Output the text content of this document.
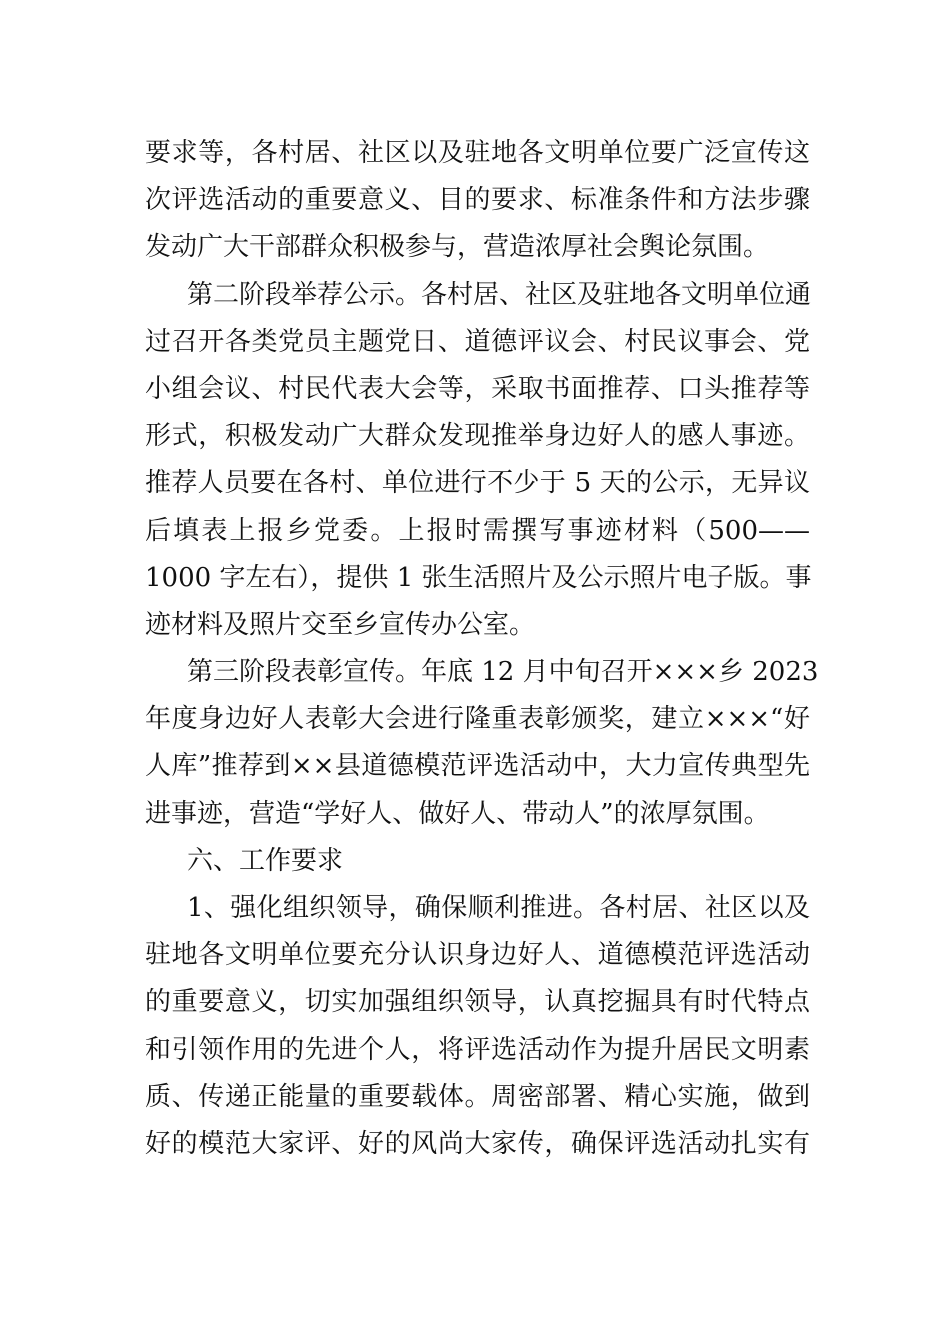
要求等，各村居、社区以及驻地各文明单位要广泛宣传这
次评选活动的重要意义、目的要求、标准条件和方法步骤
发动广大干部群众积极参与，营造浓厚社会舆论氛围。
第二阶段举荐公示。各村居、社区及驻地各文明单位通
过召开各类党员主题党日、道德评议会、村民议事会、党
小组会议、村民代表大会等，采取书面推荐、口头推荐等
形式，积极发动广大群众发现推举身边好人的感人事迹。
推荐人员要在各村、单位进行不少于 5 天的公示，无异议
后填表上报乡党委。上报时需撰写事迹材料（500——
1000 字左右），提供 1 张生活照片及公示照片电子版。事
迹材料及照片交至乡宣传办公室。
第三阶段表彰宣传。年底 12 月中旬召开×××乡 2023
年度身边好人表彰大会进行隆重表彰颁奖，建立×××“好
人库”推荐到××县道德模范评选活动中，大力宣传典型先
进事迹，营造“学好人、做好人、带动人”的浓厚氛围。
六、工作要求
1、强化组织领导，确保顺利推进。各村居、社区以及
驻地各文明单位要充分认识身边好人、道德模范评选活动
的重要意义，切实加强组织领导，认真挖掘具有时代特点
和引领作用的先进个人，将评选活动作为提升居民文明素
质、传递正能量的重要载体。周密部署、精心实施，做到
好的模范大家评、好的风尚大家传，确保评选活动扎实有
